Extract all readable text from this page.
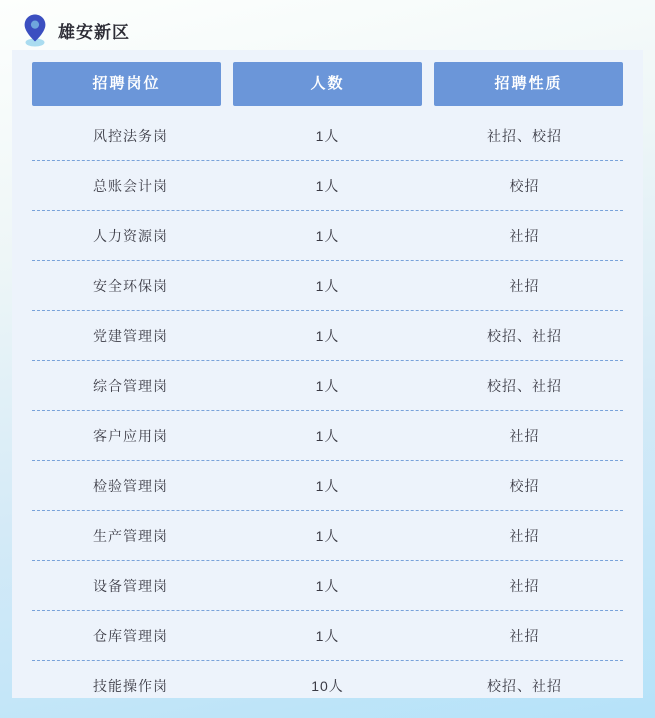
雄安新区
招聘岗位	人数	招聘性质
风控法务岗	1人	社招、校招
总账会计岗	1人	校招
人力资源岗	1人	社招
安全环保岗	1人	社招
党建管理岗	1人	校招、社招
综合管理岗	1人	校招、社招
客户应用岗	1人	社招
检验管理岗	1人	校招
生产管理岗	1人	社招
设备管理岗	1人	社招
仓库管理岗	1人	社招
技能操作岗	10人	校招、社招
